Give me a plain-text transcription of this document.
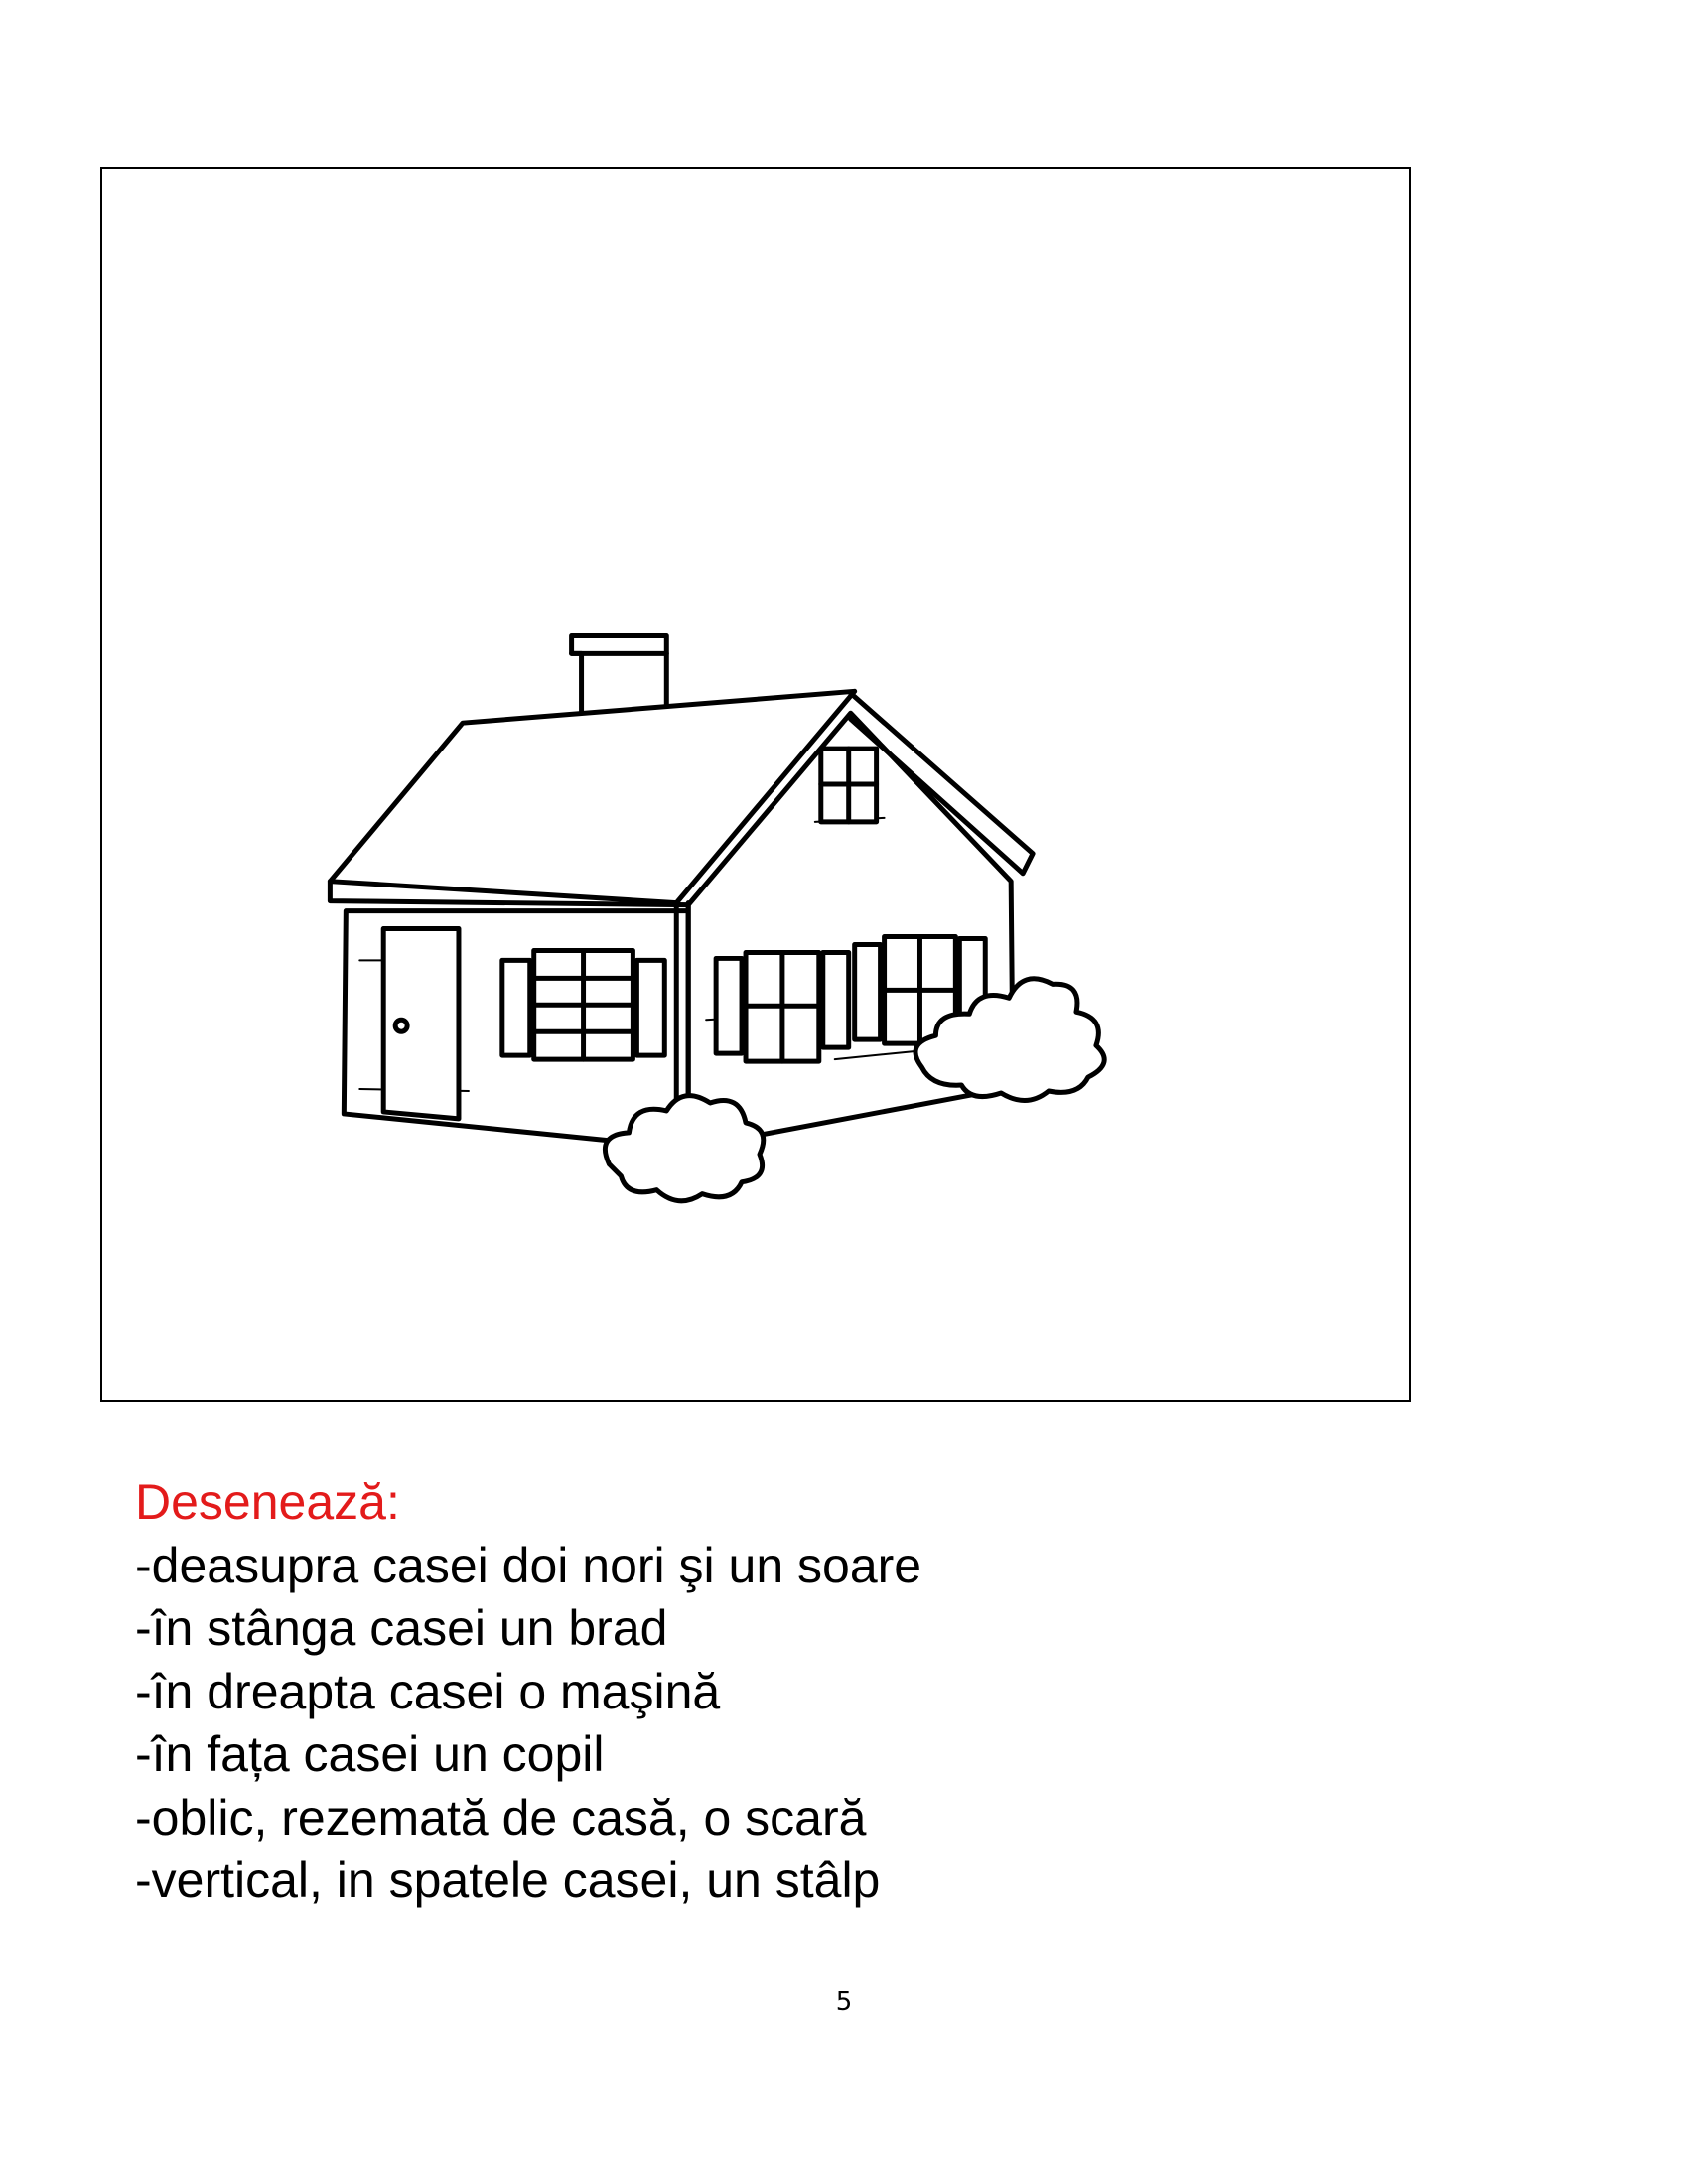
Desenează:
-deasupra casei doi nori şi un soare
-în stânga casei un brad
-în dreapta casei o maşină
-în fața casei un copil
-oblic, rezemată de casă, o scară
-vertical, in spatele casei, un stâlp
5
